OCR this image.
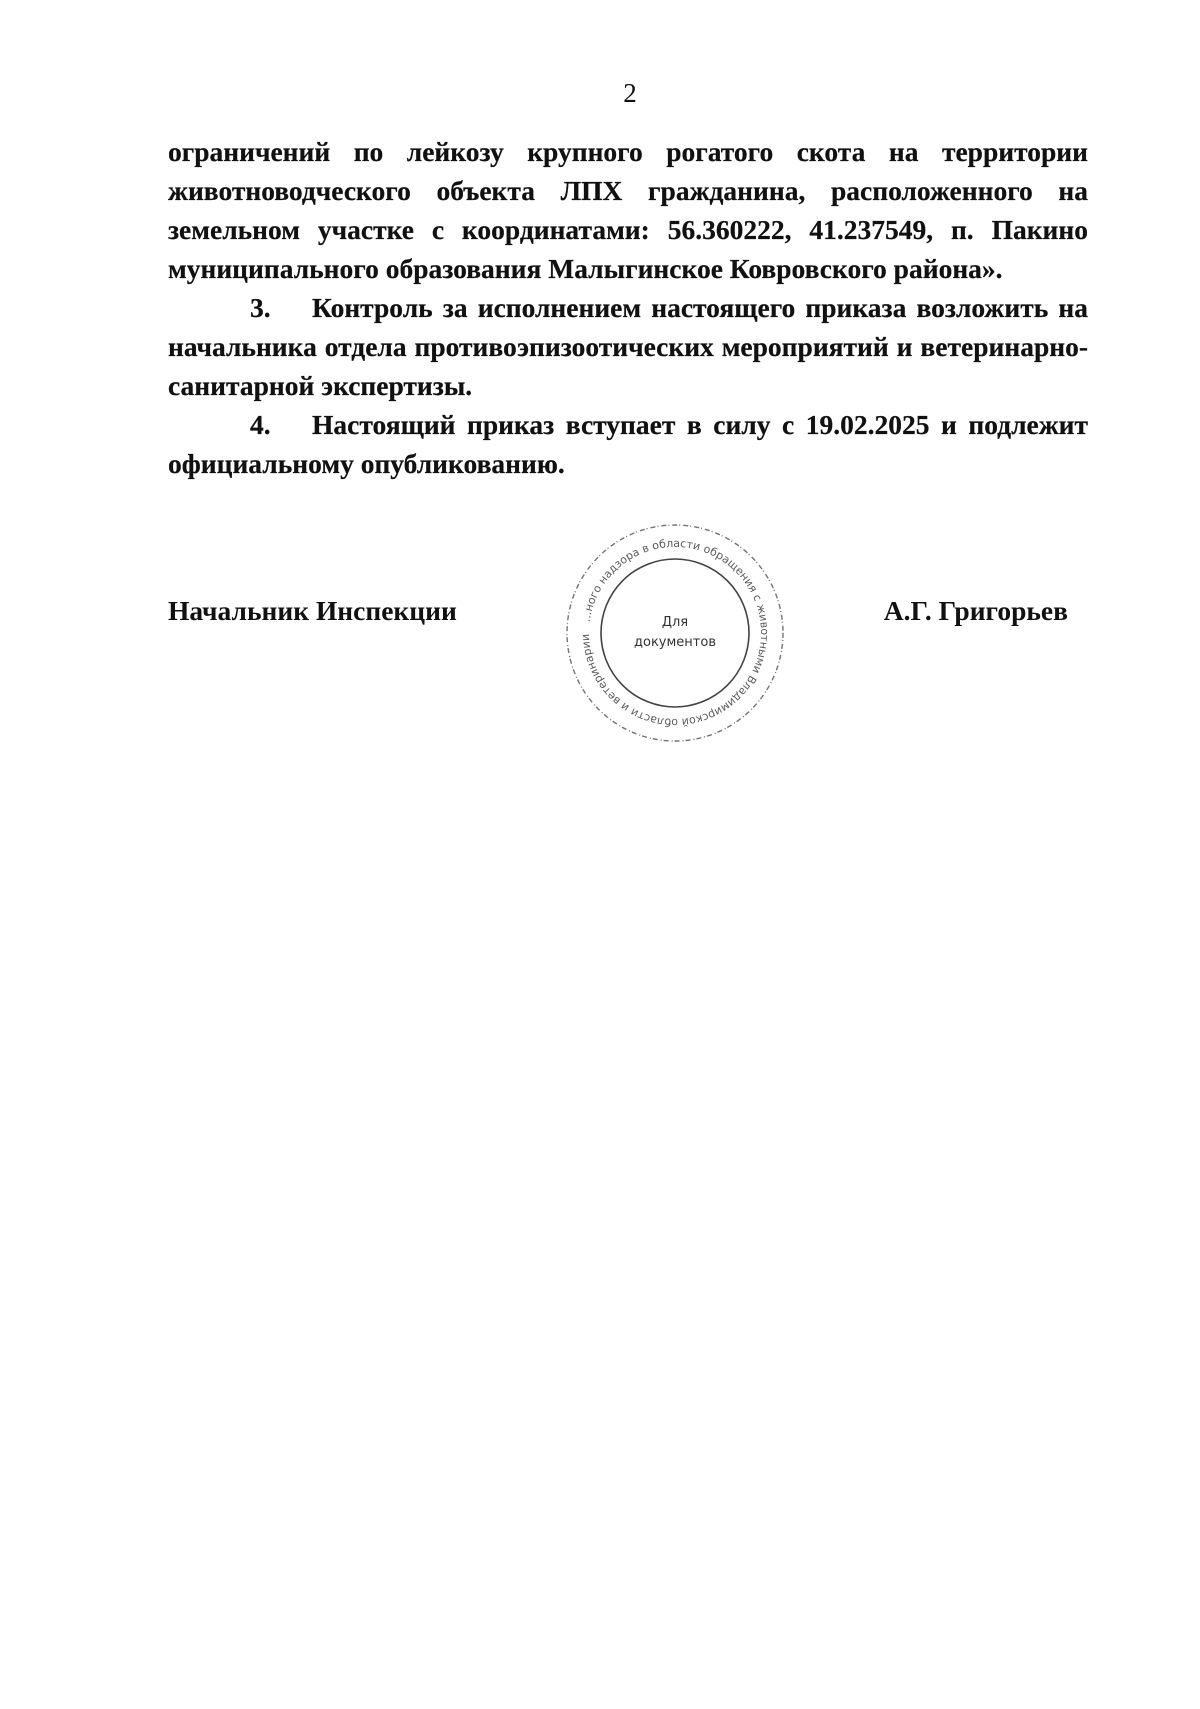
2

ограничений по лейкозу крупного рогатого скота на территории животноводческого объекта ЛПХ гражданина, расположенного на земельном участке с координатами: 56.360222, 41.237549, п. Пакино муниципального образования Малыгинское Ковровского района».

3. Контроль за исполнением настоящего приказа возложить на начальника отдела противоэпизоотических мероприятий и ветеринарно-санитарной экспертизы.

4. Настоящий приказ вступает в силу с 19.02.2025 и подлежит официальному опубликованию.

Начальник Инспекции	А.Г. Григорьев
...ного надзора в области обращения с животными Владимирской области и ветеринарии
Для
документов
